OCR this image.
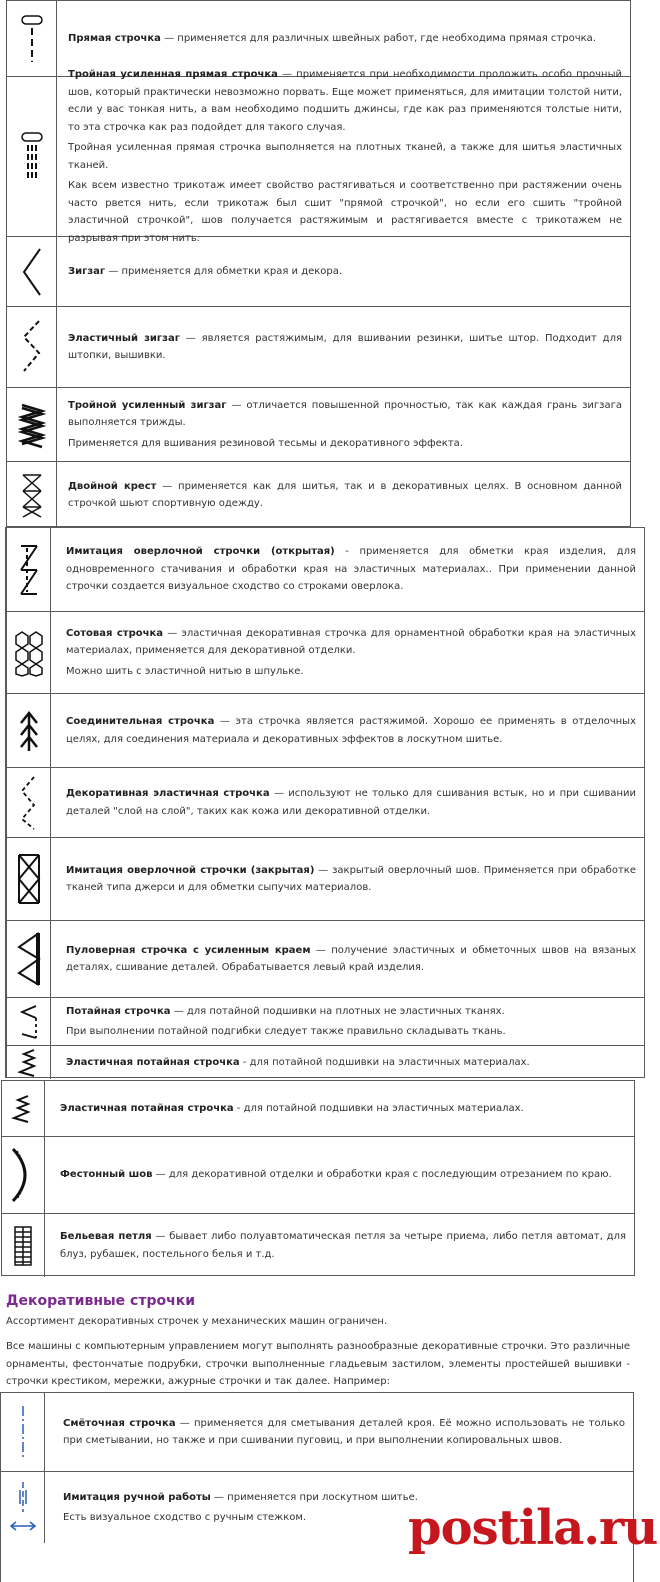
Прямая строчка — применяется для различных швейных работ, где необходима прямая строчка.

Тройная усиленная прямая строчка — применяется при необходимости проложить особо прочный шов, который практически невозможно порвать. Еще может применяться, для имитации толстой нити, если у вас тонкая нить, а вам необходимо подшить джинсы, где как раз применяются толстые нити, то эта строчка как раз подойдет для такого случая.

Тройная усиленная прямая строчка выполняется на плотных тканей, а также для шитья эластичных тканей.

Как всем известно трикотаж имеет свойство растягиваться и соответственно при растяжении очень часто рвется нить, если трикотаж был сшит "прямой строчкой", но если его сшить "тройной эластичной строчкой", шов получается растяжимым и растягивается вместе с трикотажем не разрывая при этом нить.

Зигзаг — применяется для обметки края и декора.

Эластичный зигзаг — является растяжимым, для вшивании резинки, шитье штор. Подходит для штопки, вышивки.

Тройной усиленный зигзаг — отличается повышенной прочностью, так как каждая грань зигзага выполняется трижды.

Применяется для вшивания резиновой тесьмы и декоративного эффекта.

Двойной крест — применяется как для шитья, так и в декоративных целях. В основном данной строчкой шьют спортивную одежду.

Имитация оверлочной строчки (открытая) - применяется для обметки края изделия, для одновременного стачивания и обработки края на эластичных материалах.. При применении данной строчки создается визуальное сходство со строками оверлока.

Сотовая строчка — эластичная декоративная строчка для орнаментной обработки края на эластичных материалах, применяется для декоративной отделки.

Можно шить с эластичной нитью в шпульке.

Соединительная строчка — эта строчка является растяжимой. Хорошо ее применять в отделочных целях, для соединения материала и декоративных эффектов в лоскутном шитье.

Декоративная эластичная строчка — используют не только для сшивания встык, но и при сшивании деталей "слой на слой", таких как кожа или декоративной отделки.

Имитация оверлочной строчки (закрытая) — закрытый оверлочный шов. Применяется при обработке тканей типа джерси и для обметки сыпучих материалов.

Пуловерная строчка с усиленным краем — получение эластичных и обметочных швов на вязаных деталях, сшивание деталей. Обрабатывается левый край изделия.

Потайная строчка — для потайной подшивки на плотных не эластичных тканях.

При выполнении потайной подгибки следует также правильно складывать ткань.

Эластичная потайная строчка - для потайной подшивки на эластичных материалах.

Эластичная потайная строчка - для потайной подшивки на эластичных материалах.

Фестонный шов — для декоративной отделки и обработки края с последующим отрезанием по краю.

Бельевая петля — бывает либо полуавтоматическая петля за четыре приема, либо петля автомат, для блуз, рубашек, постельного белья и т.д.

Декоративные строчки
Ассортимент декоративных строчек у механических машин ограничен.
Все машины с компьютерным управлением могут выполнять разнообразные декоративные строчки. Это различные орнаменты, фестончатые подрубки, строчки выполненные гладьевым застилом, элементы простейшей вышивки - строчки крестиком, мережки, ажурные строчки и так далее. Например:

Смёточная строчка — применяется для сметывания деталей кроя. Её можно использовать не только при сметывании, но также и при сшивании пуговиц, и при выполнении копировальных швов.

Имитация ручной работы — применяется при лоскутном шитье.

Есть визуальное сходство с ручным стежком.	postila.ru
